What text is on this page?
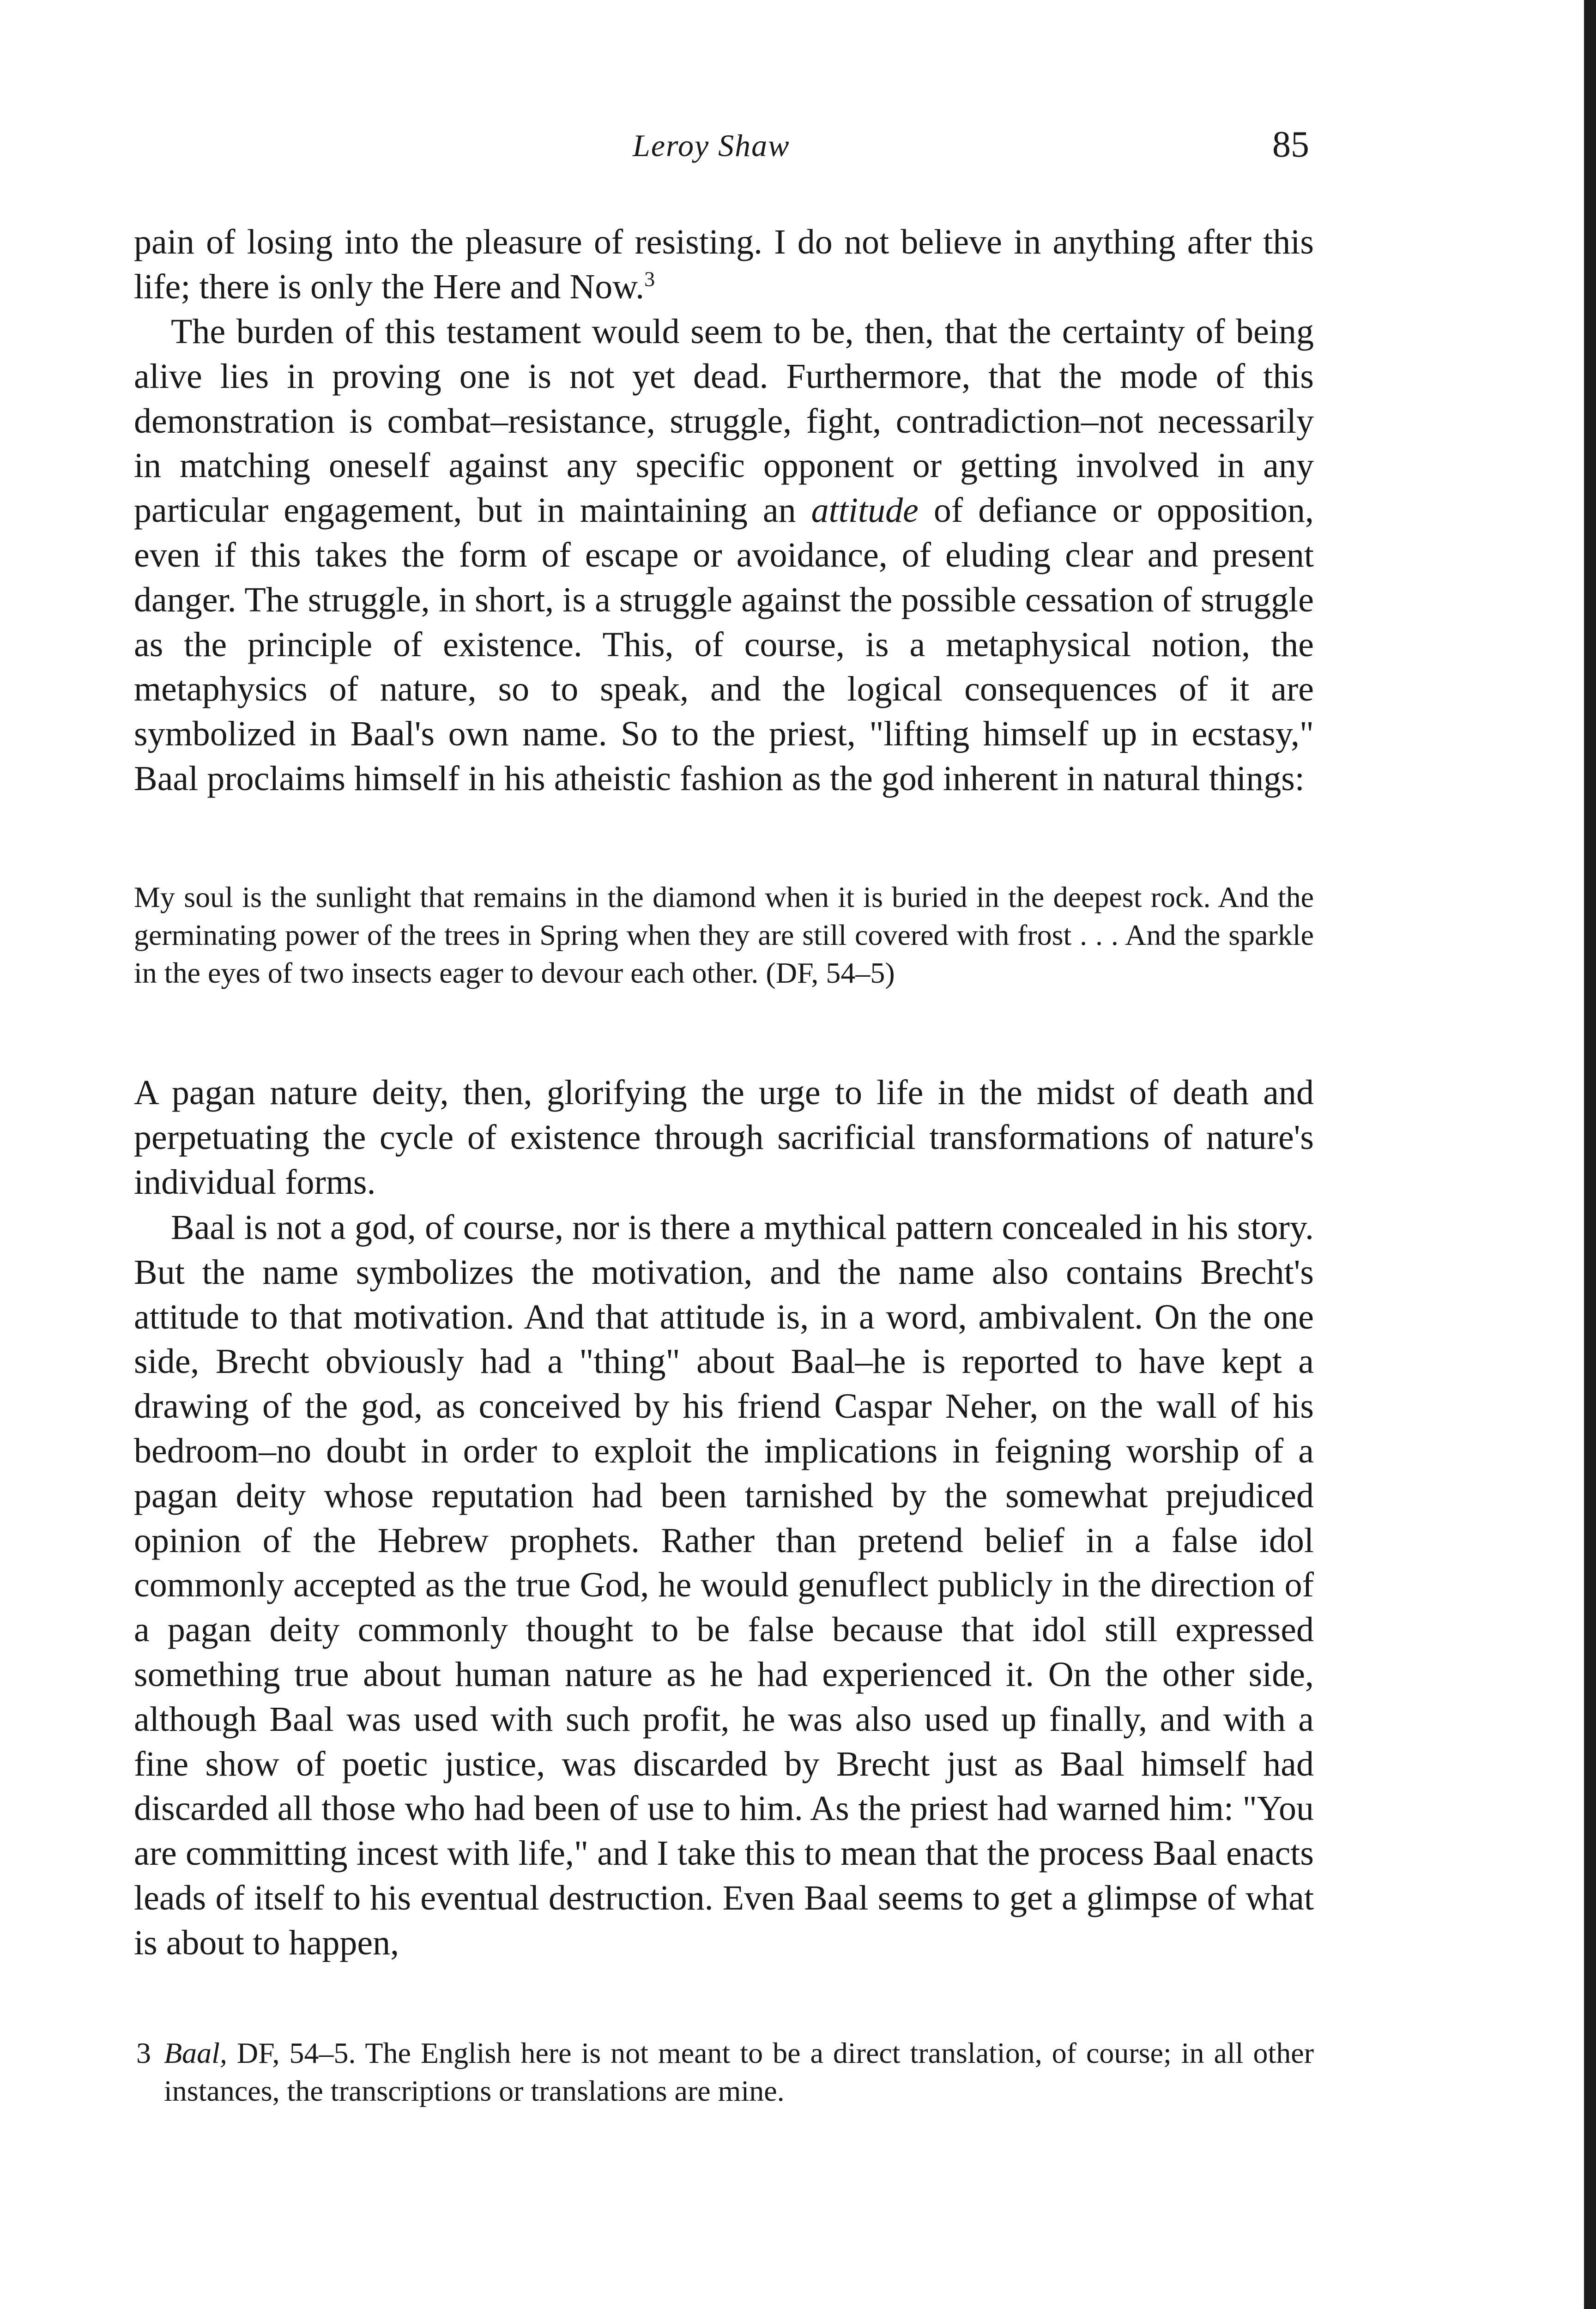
Leroy Shaw	85

pain of losing into the pleasure of resisting. I do not believe in anything after this life; there is only the Here and Now.$^3$

The burden of this testament would seem to be, then, that the certainty of being alive lies in proving one is not yet dead. Furthermore, that the mode of this demonstration is combat–resistance, struggle, fight, contradiction–not necessarily in matching oneself against any specific opponent or getting involved in any particular engagement, but in maintaining an attitude of defiance or opposition, even if this takes the form of escape or avoidance, of eluding clear and present danger. The struggle, in short, is a struggle against the possible cessation of struggle as the principle of existence. This, of course, is a metaphysical notion, the metaphysics of nature, so to speak, and the logical consequences of it are symbolized in Baal's own name. So to the priest, "lifting himself up in ecstasy," Baal proclaims himself in his atheistic fashion as the god inherent in natural things:

My soul is the sunlight that remains in the diamond when it is buried in the deepest rock. And the germinating power of the trees in Spring when they are still covered with frost . . . And the sparkle in the eyes of two insects eager to devour each other. (DF, 54–5)

A pagan nature deity, then, glorifying the urge to life in the midst of death and perpetuating the cycle of existence through sacrificial transformations of nature's individual forms.

Baal is not a god, of course, nor is there a mythical pattern concealed in his story. But the name symbolizes the motivation, and the name also contains Brecht's attitude to that motivation. And that attitude is, in a word, ambivalent. On the one side, Brecht obviously had a "thing" about Baal–he is reported to have kept a drawing of the god, as conceived by his friend Caspar Neher, on the wall of his bedroom–no doubt in order to exploit the implications in feigning worship of a pagan deity whose reputation had been tarnished by the somewhat prejudiced opinion of the Hebrew prophets. Rather than pretend belief in a false idol commonly accepted as the true God, he would genuflect publicly in the direction of a pagan deity commonly thought to be false because that idol still expressed something true about human nature as he had experienced it. On the other side, although Baal was used with such profit, he was also used up finally, and with a fine show of poetic justice, was discarded by Brecht just as Baal himself had discarded all those who had been of use to him. As the priest had warned him: "You are committing incest with life," and I take this to mean that the process Baal enacts leads of itself to his eventual destruction. Even Baal seems to get a glimpse of what is about to happen,

3 Baal, DF, 54–5. The English here is not meant to be a direct translation, of course; in all other instances, the transcriptions or translations are mine.
